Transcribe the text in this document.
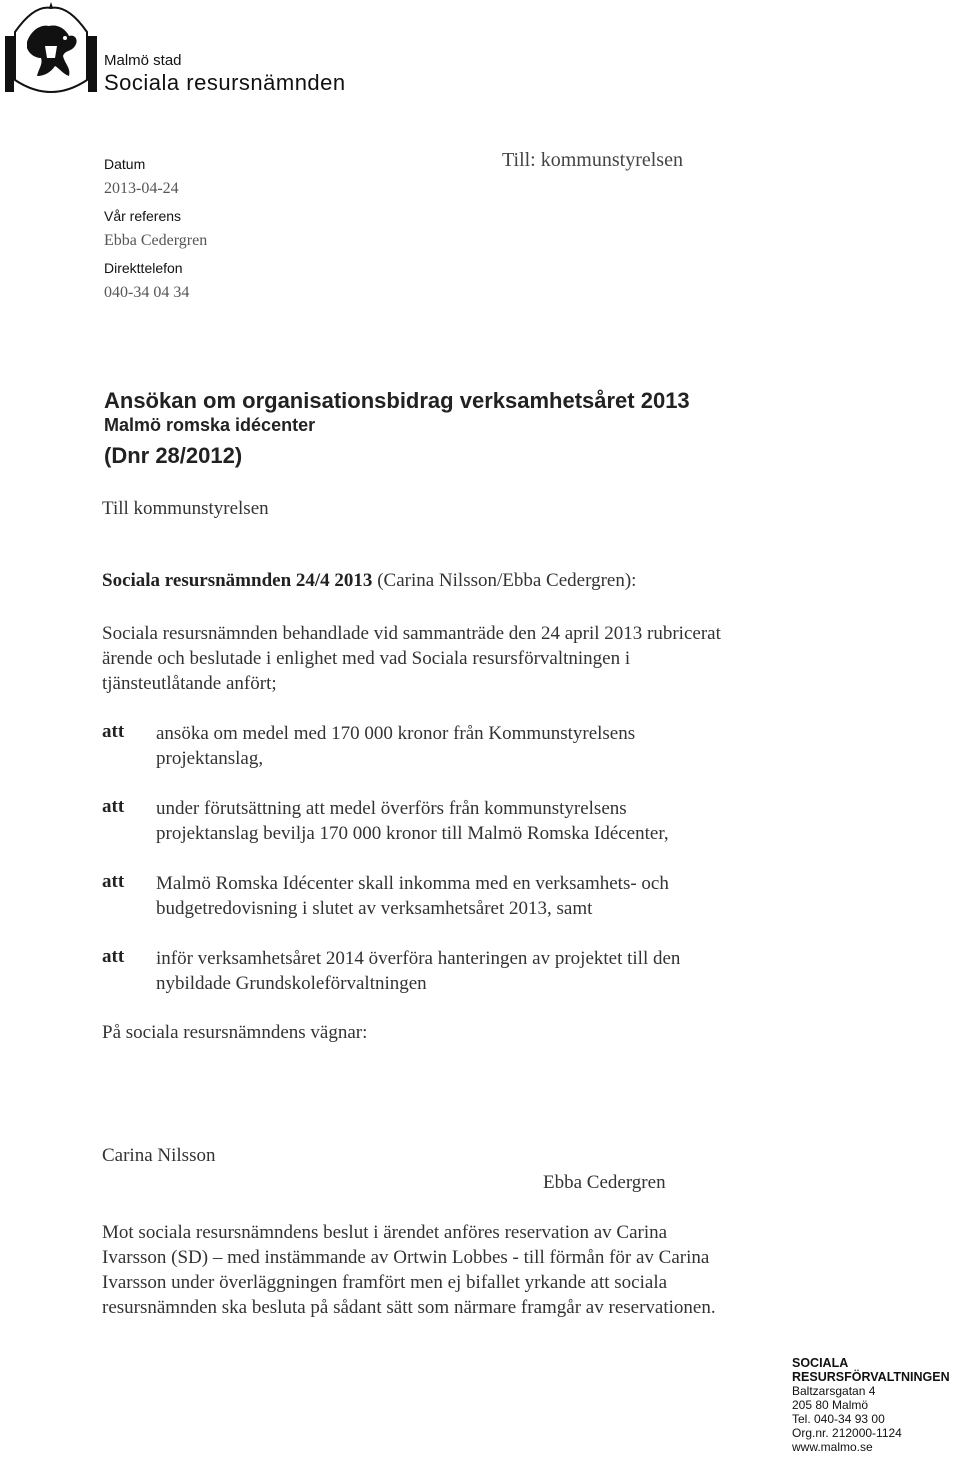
Malmö stad
Sociala resursnämnden
Datum
2013-04-24
Vår referens
Ebba Cedergren
Direkttelefon
040-34 04 34
Till: kommunstyrelsen
Ansökan om organisationsbidrag verksamhetsåret 2013
Malmö romska idécenter
(Dnr 28/2012)
Till kommunstyrelsen
Sociala resursnämnden 24/4 2013 (Carina Nilsson/Ebba Cedergren):
Sociala resursnämnden behandlade vid sammanträde den 24 april 2013 rubricerat
ärende och beslutade i enlighet med vad Sociala resursförvaltningen i
tjänsteutlåtande anfört;
att ansöka om medel med 170 000 kronor från Kommunstyrelsens
projektanslag,
att under förutsättning att medel överförs från kommunstyrelsens
projektanslag bevilja 170 000 kronor till Malmö Romska Idécenter,
att Malmö Romska Idécenter skall inkomma med en verksamhets- och
budgetredovisning i slutet av verksamhetsåret 2013, samt
att inför verksamhetsåret 2014 överföra hanteringen av projektet till den
nybildade Grundskoleförvaltningen
På sociala resursnämndens vägnar:
Carina Nilsson
Ebba Cedergren
Mot sociala resursnämndens beslut i ärendet anföres reservation av Carina
Ivarsson (SD) – med instämmande av Ortwin Lobbes - till förmån för av Carina
Ivarsson under överläggningen framfört men ej bifallet yrkande att sociala
resursnämnden ska besluta på sådant sätt som närmare framgår av reservationen.
SOCIALA
RESURSFÖRVALTNINGEN
Baltzarsgatan 4
205 80 Malmö
Tel. 040-34 93 00
Org.nr. 212000-1124
www.malmo.se
